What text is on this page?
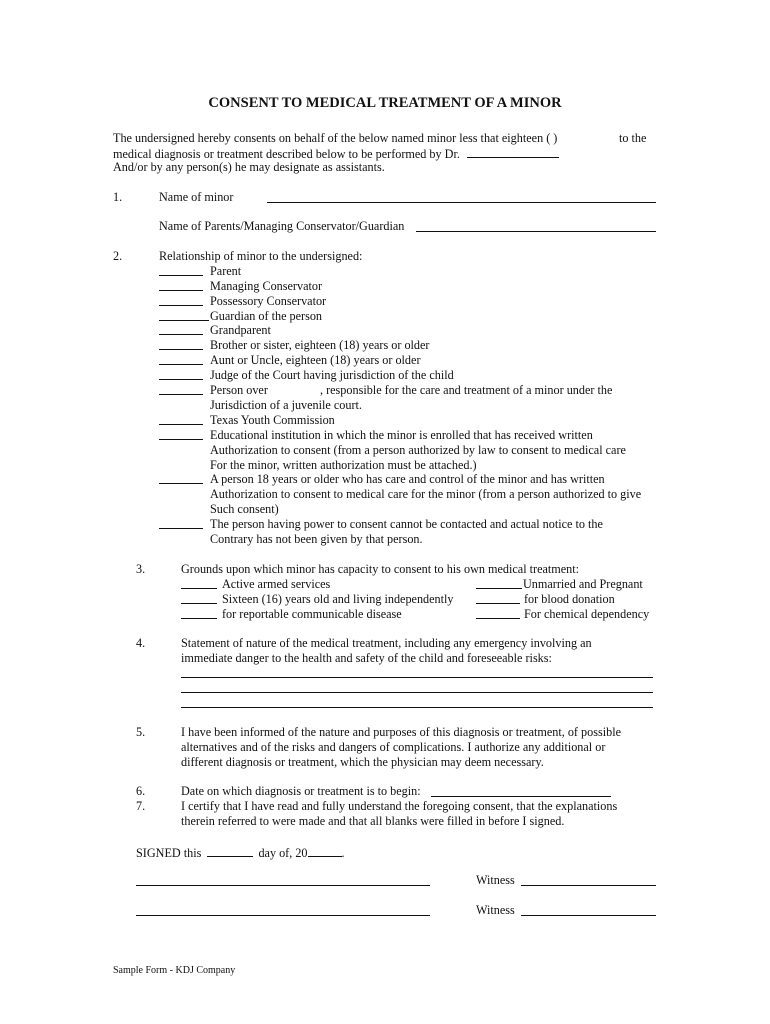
CONSENT TO MEDICAL TREATMENT OF A MINOR
The undersigned hereby consents on behalf of the below named minor less that eighteen ( )	to the
medical diagnosis or treatment described below to be performed by Dr.
And/or by any person(s) he may designate as assistants.
1.	Name of minor
Name of Parents/Managing Conservator/Guardian
2.	Relationship of minor to the undersigned:
Parent
Managing Conservator
Possessory Conservator
Guardian of the person
Grandparent
Brother or sister, eighteen (18) years or older
Aunt or Uncle, eighteen (18) years or older
Judge of the Court having jurisdiction of the child
Person over	, responsible for the care and treatment of a minor under the
Jurisdiction of a juvenile court.
Texas Youth Commission
Educational institution in which the minor is enrolled that has received written
Authorization to consent (from a person authorized by law to consent to medical care
For the minor, written authorization must be attached.)
A person 18 years or older who has care and control of the minor and has written
Authorization to consent to medical care for the minor (from a person authorized to give
Such consent)
The person having power to consent cannot be contacted and actual notice to the
Contrary has not been given by that person.
3.	Grounds upon which minor has capacity to consent to his own medical treatment:
Active armed services	Unmarried and Pregnant
Sixteen (16) years old and living independently	for blood donation
for reportable communicable disease	For chemical dependency
4.	Statement of nature of the medical treatment, including any emergency involving an
immediate danger to the health and safety of the child and foreseeable risks:
5.	I have been informed of the nature and purposes of this diagnosis or treatment, of possible
alternatives and of the risks and dangers of complications. I authorize any additional or
different diagnosis or treatment, which the physician may deem necessary.
6.	Date on which diagnosis or treatment is to begin:
7.	I certify that I have read and fully understand the foregoing consent, that the explanations
therein referred to were made and that all blanks were filled in before I signed.
SIGNED this	day of, 20	.
Witness
Witness
Sample Form - KDJ Company
